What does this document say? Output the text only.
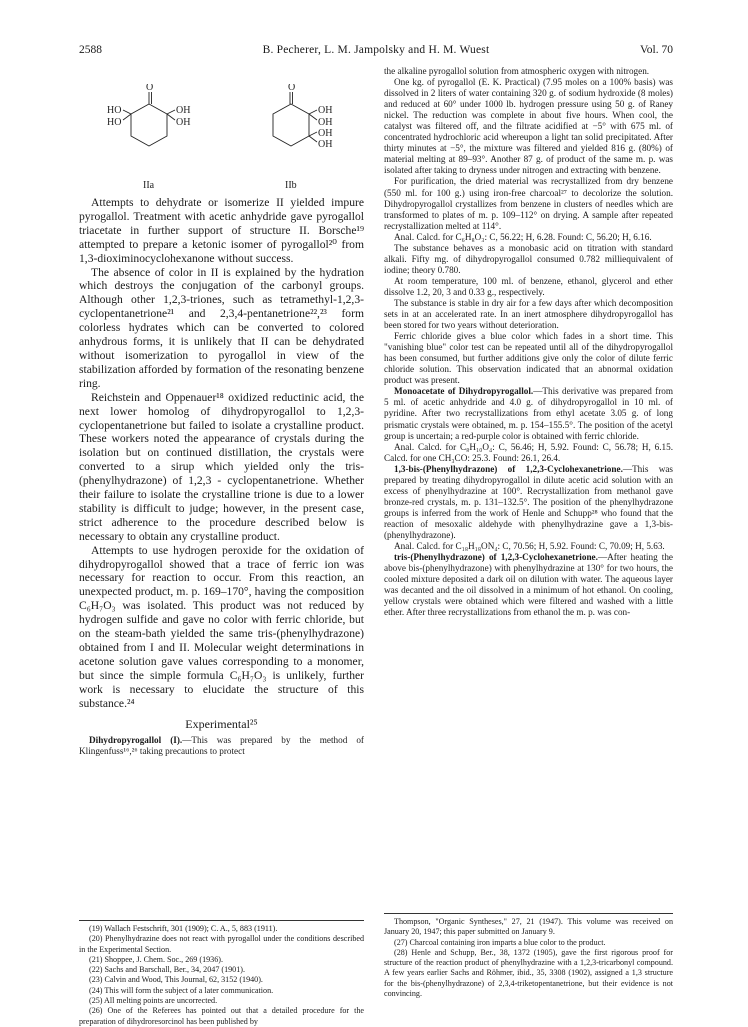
2588	B. Pecherer, L. M. Jampolsky and H. M. Wuest	Vol. 70
O
HO
HO
OH
OH
O
OH
OH
OH
OH
IIa	IIb

Attempts to dehydrate or isomerize II yielded impure pyrogallol. Treatment with acetic anhydride gave pyrogallol triacetate in further support of structure II. Borsche¹⁹ attempted to prepare a ketonic isomer of pyrogallol²⁰ from 1,3-dioximinocyclohexanone without success.

The absence of color in II is explained by the hydration which destroys the conjugation of the carbonyl groups. Although other 1,2,3-triones, such as tetramethyl-1,2,3-cyclopentanetrione²¹ and 2,3,4-pentanetrione²²,²³ form colorless hydrates which can be converted to colored anhydrous forms, it is unlikely that II can be dehydrated without isomerization to pyrogallol in view of the stabilization afforded by formation of the resonating benzene ring.

Reichstein and Oppenauer¹⁸ oxidized reductinic acid, the next lower homolog of dihydropyrogallol to 1,2,3-cyclopentanetrione but failed to isolate a crystalline product. These workers noted the appearance of crystals during the isolation but on continued distillation, the crystals were converted to a sirup which yielded only the tris-(phenylhydrazone) of 1,2,3 - cyclopentanetrione. Whether their failure to isolate the crystalline trione is due to a lower stability is difficult to judge; however, in the present case, strict adherence to the procedure described below is necessary to obtain any crystalline product.

Attempts to use hydrogen peroxide for the oxidation of dihydropyrogallol showed that a trace of ferric ion was necessary for reaction to occur. From this reaction, an unexpected product, m. p. 169–170°, having the composition C₆H₇O₃ was isolated. This product was not reduced by hydrogen sulfide and gave no color with ferric chloride, but on the steam-bath yielded the same tris-(phenylhydrazone) obtained from I and II. Molecular weight determinations in acetone solution gave values corresponding to a monomer, but since the simple formula C₆H₇O₃ is unlikely, further work is necessary to elucidate the structure of this substance.²⁴

Experimental²⁵

Dihydropyrogallol (I).—This was prepared by the method of Klingenfuss¹⁶,²⁶ taking precautions to protect

(19) Wallach Festschrift, 301 (1909); C. A., 5, 883 (1911).

(20) Phenylhydrazine does not react with pyrogallol under the conditions described in the Experimental Section.

(21) Shoppee, J. Chem. Soc., 269 (1936).

(22) Sachs and Barschall, Ber., 34, 2047 (1901).

(23) Calvin and Wood, This Journal, 62, 3152 (1940).

(24) This will form the subject of a later communication.

(25) All melting points are uncorrected.

(26) One of the Referees has pointed out that a detailed procedure for the preparation of dihydroresorcinol has been published by

the alkaline pyrogallol solution from atmospheric oxygen with nitrogen.

One kg. of pyrogallol (E. K. Practical) (7.95 moles on a 100% basis) was dissolved in 2 liters of water containing 320 g. of sodium hydroxide (8 moles) and reduced at 60° under 1000 lb. hydrogen pressure using 50 g. of Raney nickel. The reduction was complete in about five hours. When cool, the catalyst was filtered off, and the filtrate acidified at −5° with 675 ml. of concentrated hydrochloric acid whereupon a light tan solid precipitated. After thirty minutes at −5°, the mixture was filtered and yielded 816 g. (80%) of material melting at 89–93°. Another 87 g. of product of the same m. p. was isolated after taking to dryness under nitrogen and extracting with benzene.

For purification, the dried material was recrystallized from dry benzene (550 ml. for 100 g.) using iron-free charcoal²⁷ to decolorize the solution. Dihydropyrogallol crystallizes from benzene in clusters of needles which are transformed to plates of m. p. 109–112° on drying. A sample after repeated recrystallization melted at 114°.

Anal. Calcd. for C₆H₈O₃: C, 56.22; H, 6.28. Found: C, 56.20; H, 6.16.

The substance behaves as a monobasic acid on titration with standard alkali. Fifty mg. of dihydropyrogallol consumed 0.782 milliequivalent of iodine; theory 0.780.

At room temperature, 100 ml. of benzene, ethanol, glycerol and ether dissolve 1.2, 20, 3 and 0.33 g., respectively.

The substance is stable in dry air for a few days after which decomposition sets in at an accelerated rate. In an inert atmosphere dihydropyrogallol has been stored for two years without deterioration.

Ferric chloride gives a blue color which fades in a short time. This "vanishing blue" color test can be repeated until all of the dihydropyrogallol has been consumed, but further additions give only the color of dilute ferric chloride solution. This observation indicated that an abnormal oxidation product was present.

Monoacetate of Dihydropyrogallol.—This derivative was prepared from 5 ml. of acetic anhydride and 4.0 g. of dihydropyrogallol in 10 ml. of pyridine. After two recrystallizations from ethyl acetate 3.05 g. of long prismatic crystals were obtained, m. p. 154–155.5°. The position of the acetyl group is uncertain; a red-purple color is obtained with ferric chloride.

Anal. Calcd. for C₈H₁₀O₄: C, 56.46; H, 5.92. Found: C, 56.78; H, 6.15. Calcd. for one CH₃CO: 25.3. Found: 26.1, 26.4.

1,3-bis-(Phenylhydrazone) of 1,2,3-Cyclohexanetrione.—This was prepared by treating dihydropyrogallol in dilute acetic acid solution with an excess of phenylhydrazine at 100°. Recrystallization from methanol gave bronze-red crystals, m. p. 131–132.5°. The position of the phenylhydrazone groups is inferred from the work of Henle and Schupp²⁸ who found that the reaction of mesoxalic aldehyde with phenylhydrazine gave a 1,3-bis-(phenylhydrazone).

Anal. Calcd. for C₁₈H₁₈ON₄: C, 70.56; H, 5.92. Found: C, 70.09; H, 5.63.

tris-(Phenylhydrazone) of 1,2,3-Cyclohexanetrione.—After heating the above bis-(phenylhydrazone) with phenylhydrazine at 130° for two hours, the cooled mixture deposited a dark oil on dilution with water. The aqueous layer was decanted and the oil dissolved in a minimum of hot ethanol. On cooling, yellow crystals were obtained which were filtered and washed with a little ether. After three recrystallizations from ethanol the m. p. was con-

Thompson, "Organic Syntheses," 27, 21 (1947). This volume was received on January 20, 1947; this paper submitted on January 9.

(27) Charcoal containing iron imparts a blue color to the product.

(28) Henle and Schupp, Ber., 38, 1372 (1905), gave the first rigorous proof for structure of the reaction product of phenylhydrazine with a 1,2,3-tricarbonyl compound. A few years earlier Sachs and Röhmer, ibid., 35, 3308 (1902), assigned a 1,3 structure for the bis-(phenylhydrazone) of 2,3,4-triketopentanetrione, but their evidence is not convincing.
